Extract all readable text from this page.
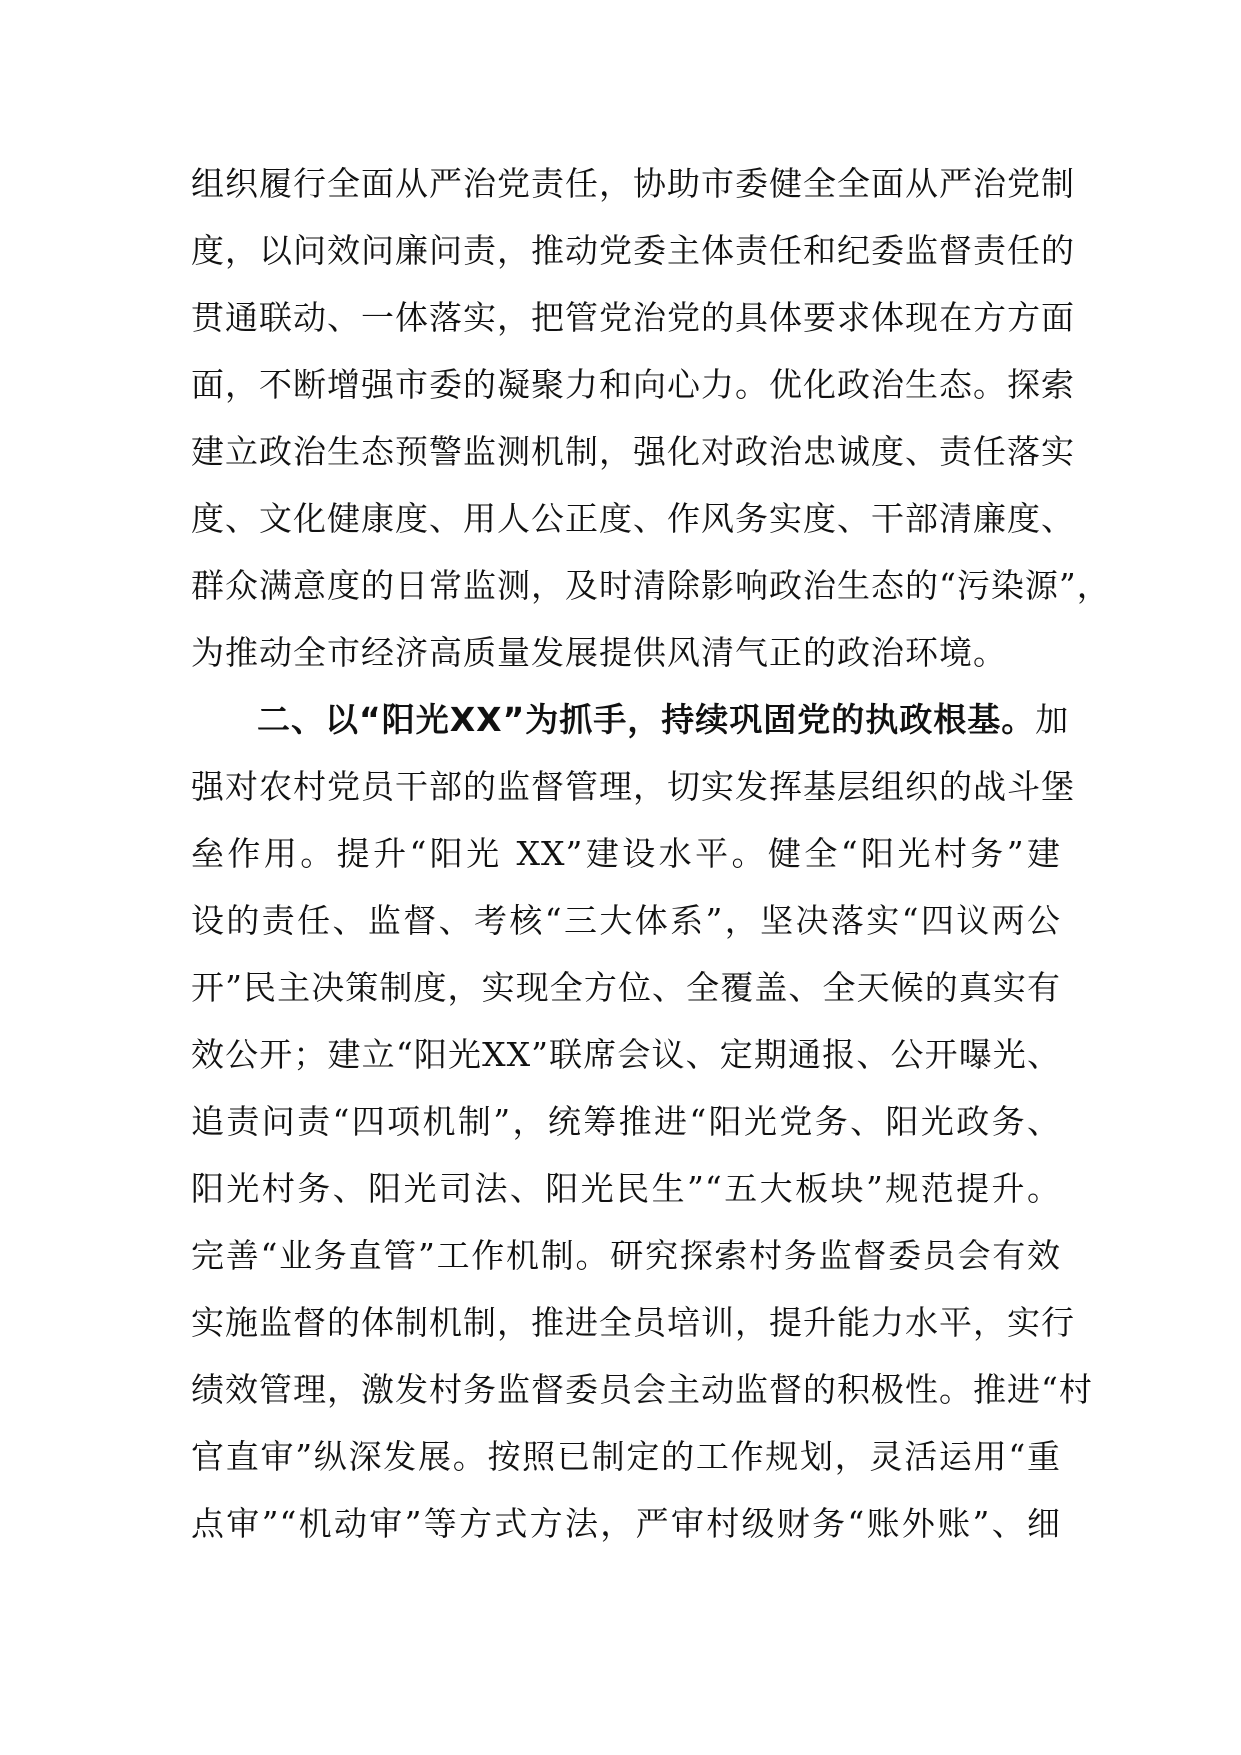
组织履行全面从严治党责任，协助市委健全全面从严治党制
度，以问效问廉问责，推动党委主体责任和纪委监督责任的
贯通联动、一体落实，把管党治党的具体要求体现在方方面
面，不断增强市委的凝聚力和向心力。优化政治生态。探索
建立政治生态预警监测机制，强化对政治忠诚度、责任落实
度、文化健康度、用人公正度、作风务实度、干部清廉度、
群众满意度的日常监测，及时清除影响政治生态的“污染源”，
为推动全市经济高质量发展提供风清气正的政治环境。
二、以“阳光XX”为抓手，持续巩固党的执政根基。加
强对农村党员干部的监督管理，切实发挥基层组织的战斗堡
垒作用。提升“阳光 XX”建设水平。健全“阳光村务”建
设的责任、监督、考核“三大体系”，坚决落实“四议两公
开”民主决策制度，实现全方位、全覆盖、全天候的真实有
效公开；建立“阳光XX”联席会议、定期通报、公开曝光、
追责问责“四项机制”，统筹推进“阳光党务、阳光政务、
阳光村务、阳光司法、阳光民生”“五大板块”规范提升。
完善“业务直管”工作机制。研究探索村务监督委员会有效
实施监督的体制机制，推进全员培训，提升能力水平，实行
绩效管理，激发村务监督委员会主动监督的积极性。推进“村
官直审”纵深发展。按照已制定的工作规划，灵活运用“重
点审”“机动审”等方式方法，严审村级财务“账外账”、细
